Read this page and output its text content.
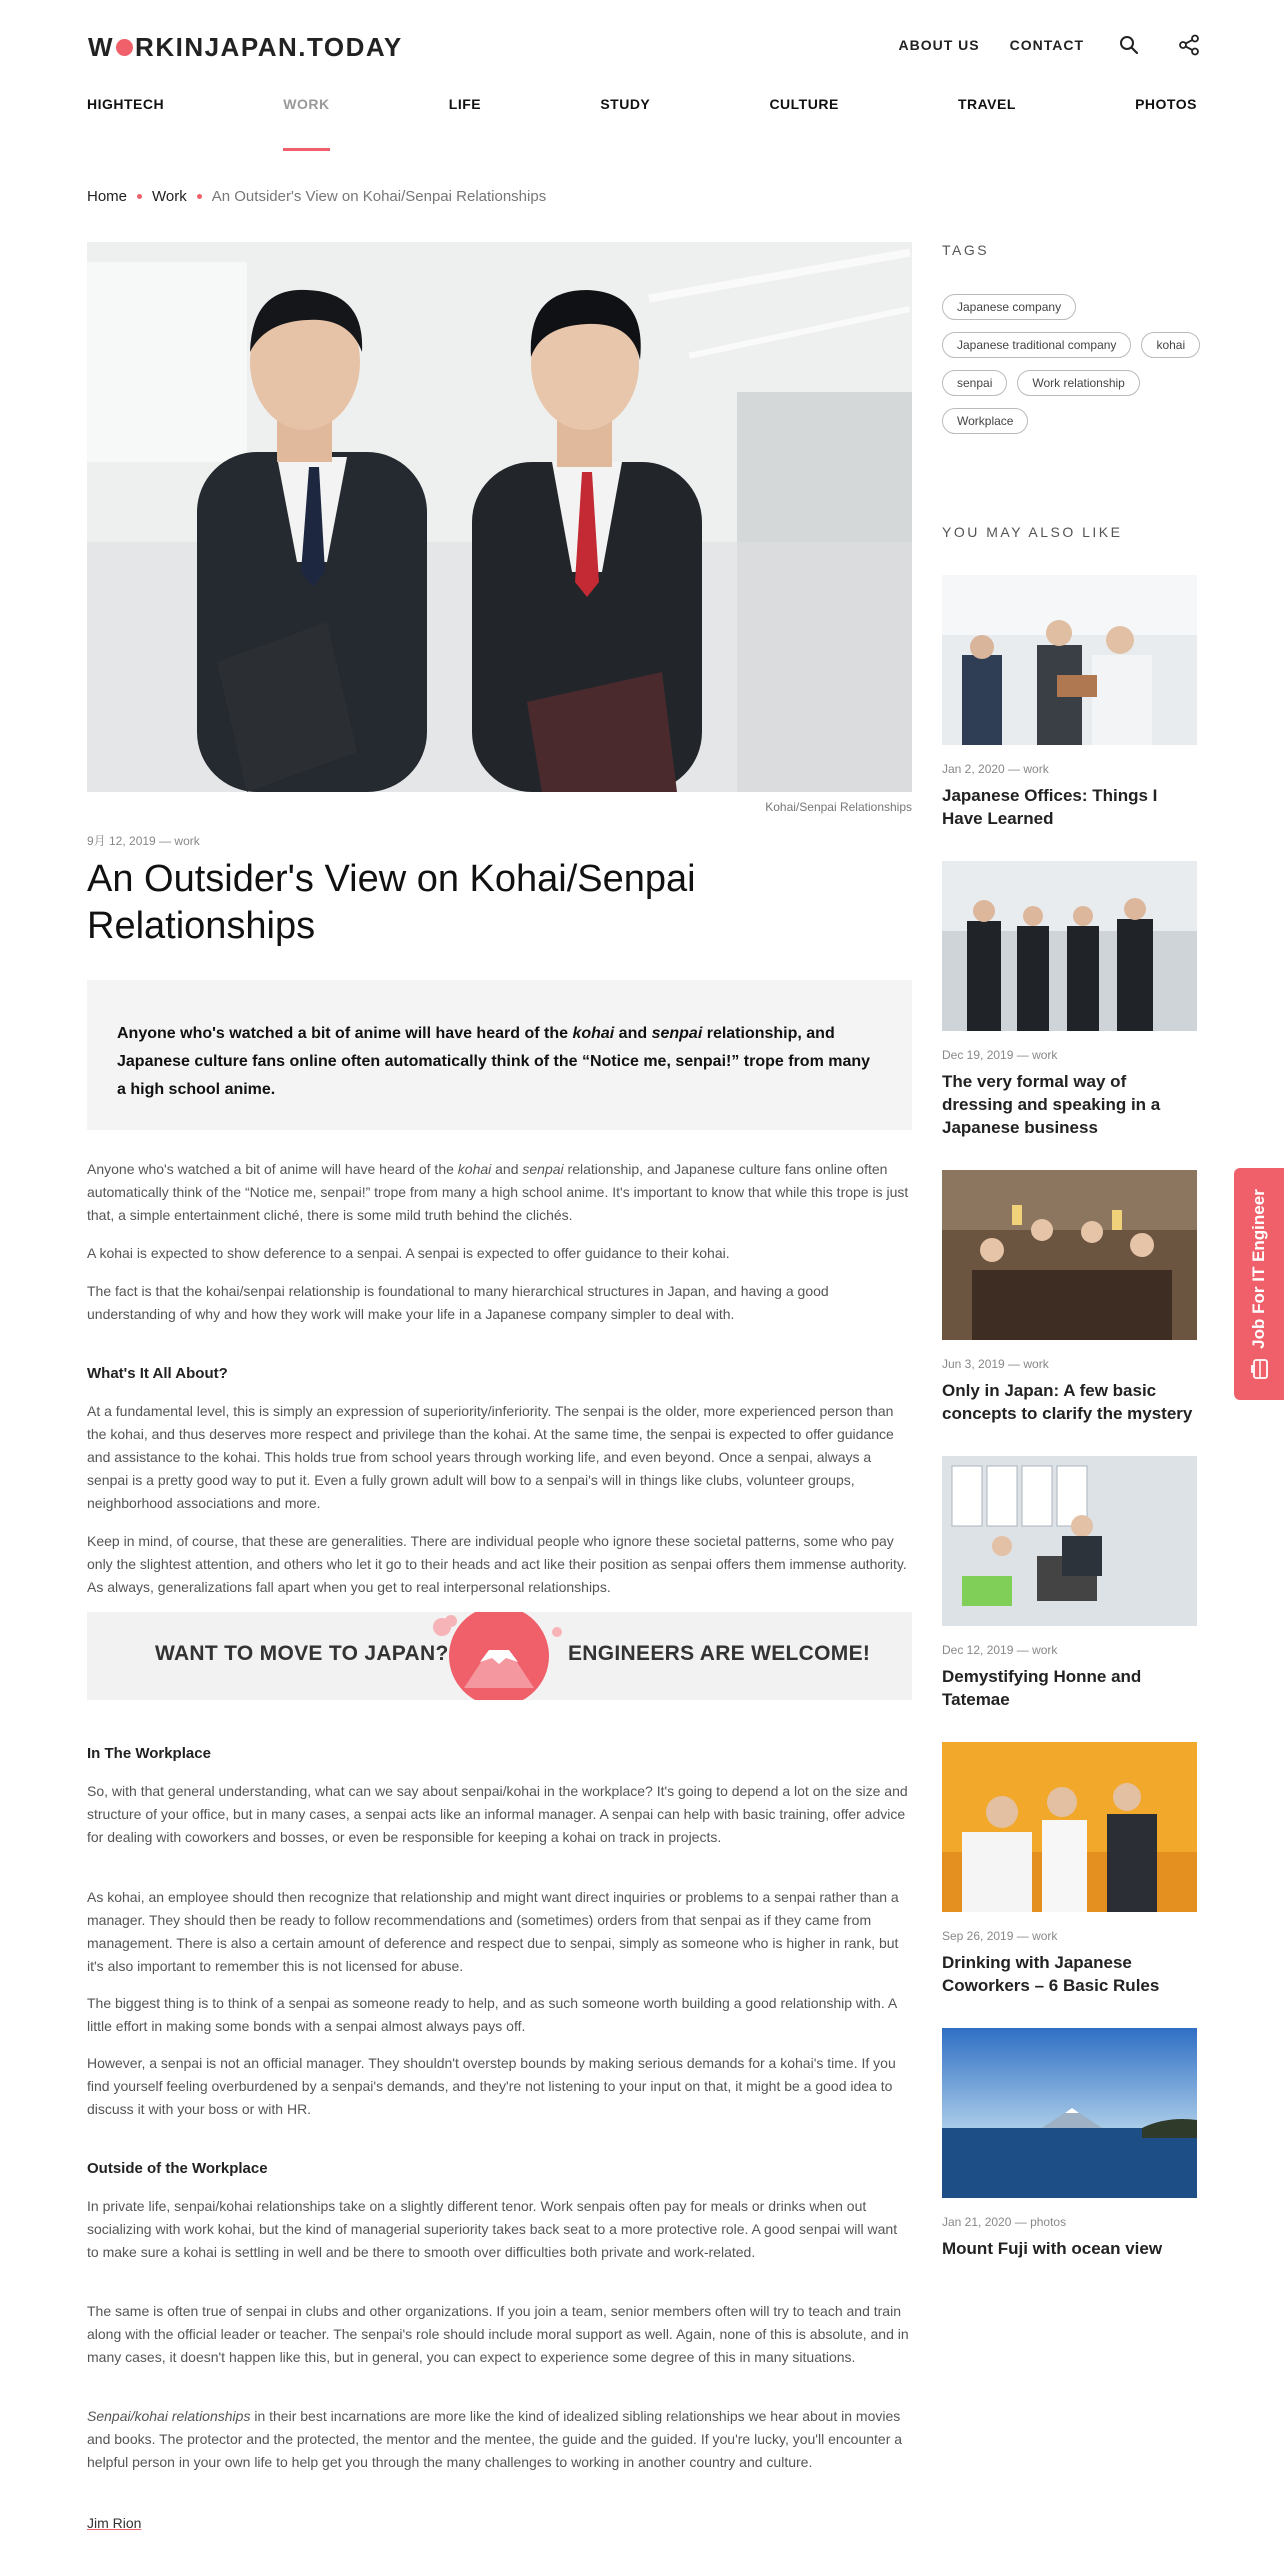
W RKINJAPAN.TODAY	ABOUT US CONTACT
HIGHTECH	WORK	LIFE	STUDY	CULTURE	TRAVEL	PHOTOS
Home Work An Outsider's View on Kohai/Senpai Relationships
Kohai/Senpai Relationships
9月 12, 2019 — work
An Outsider's View on Kohai/Senpai Relationships
Anyone who's watched a bit of anime will have heard of the kohai and senpai relationship, and Japanese culture fans online often automatically think of the “Notice me, senpai!” trope from many a high school anime.

Anyone who's watched a bit of anime will have heard of the kohai and senpai relationship, and Japanese culture fans online often automatically think of the “Notice me, senpai!” trope from many a high school anime. It's important to know that while this trope is just that, a simple entertainment cliché, there is some mild truth behind the clichés.

A kohai is expected to show deference to a senpai. A senpai is expected to offer guidance to their kohai.

The fact is that the kohai/senpai relationship is foundational to many hierarchical structures in Japan, and having a good understanding of why and how they work will make your life in a Japanese company simpler to deal with.

What's It All About?

At a fundamental level, this is simply an expression of superiority/inferiority. The senpai is the older, more experienced person than the kohai, and thus deserves more respect and privilege than the kohai. At the same time, the senpai is expected to offer guidance and assistance to the kohai. This holds true from school years through working life, and even beyond. Once a senpai, always a senpai is a pretty good way to put it. Even a fully grown adult will bow to a senpai's will in things like clubs, volunteer groups, neighborhood associations and more.

Keep in mind, of course, that these are generalities. There are individual people who ignore these societal patterns, some who pay only the slightest attention, and others who let it go to their heads and act like their position as senpai offers them immense authority. As always, generalizations fall apart when you get to real interpersonal relationships.

WANT TO MOVE TO JAPAN?	ENGINEERS ARE WELCOME!
In The Workplace

So, with that general understanding, what can we say about senpai/kohai in the workplace? It's going to depend a lot on the size and structure of your office, but in many cases, a senpai acts like an informal manager. A senpai can help with basic training, offer advice for dealing with coworkers and bosses, or even be responsible for keeping a kohai on track in projects.

As kohai, an employee should then recognize that relationship and might want direct inquiries or problems to a senpai rather than a manager. They should then be ready to follow recommendations and (sometimes) orders from that senpai as if they came from management. There is also a certain amount of deference and respect due to senpai, simply as someone who is higher in rank, but it's also important to remember this is not licensed for abuse.

The biggest thing is to think of a senpai as someone ready to help, and as such someone worth building a good relationship with. A little effort in making some bonds with a senpai almost always pays off.

However, a senpai is not an official manager. They shouldn't overstep bounds by making serious demands for a kohai's time. If you find yourself feeling overburdened by a senpai's demands, and they're not listening to your input on that, it might be a good idea to discuss it with your boss or with HR.

Outside of the Workplace

In private life, senpai/kohai relationships take on a slightly different tenor. Work senpais often pay for meals or drinks when out socializing with work kohai, but the kind of managerial superiority takes back seat to a more protective role. A good senpai will want to make sure a kohai is settling in well and be there to smooth over difficulties both private and work-related.

The same is often true of senpai in clubs and other organizations. If you join a team, senior members often will try to teach and train along with the official leader or teacher. The senpai's role should include moral support as well. Again, none of this is absolute, and in many cases, it doesn't happen like this, but in general, you can expect to experience some degree of this in many situations.

Senpai/kohai relationships in their best incarnations are more like the kind of idealized sibling relationships we hear about in movies and books. The protector and the protected, the mentor and the mentee, the guide and the guided. If you're lucky, you'll encounter a helpful person in your own life to help get you through the many challenges to working in another country and culture.

Jim Rion
TAGS
Japanese company
Japanese traditional company	kohai
senpai	Work relationship
Workplace
YOU MAY ALSO LIKE
Jan 2, 2020 — work
Japanese Offices: Things I Have Learned
Dec 19, 2019 — work
The very formal way of dressing and speaking in a Japanese business
Jun 3, 2019 — work
Only in Japan: A few basic concepts to clarify the mystery
Dec 12, 2019 — work
Demystifying Honne and Tatemae
Sep 26, 2019 — work
Drinking with Japanese Coworkers – 6 Basic Rules
Jan 21, 2020 — photos
Mount Fuji with ocean view
Job For IT Engineer
